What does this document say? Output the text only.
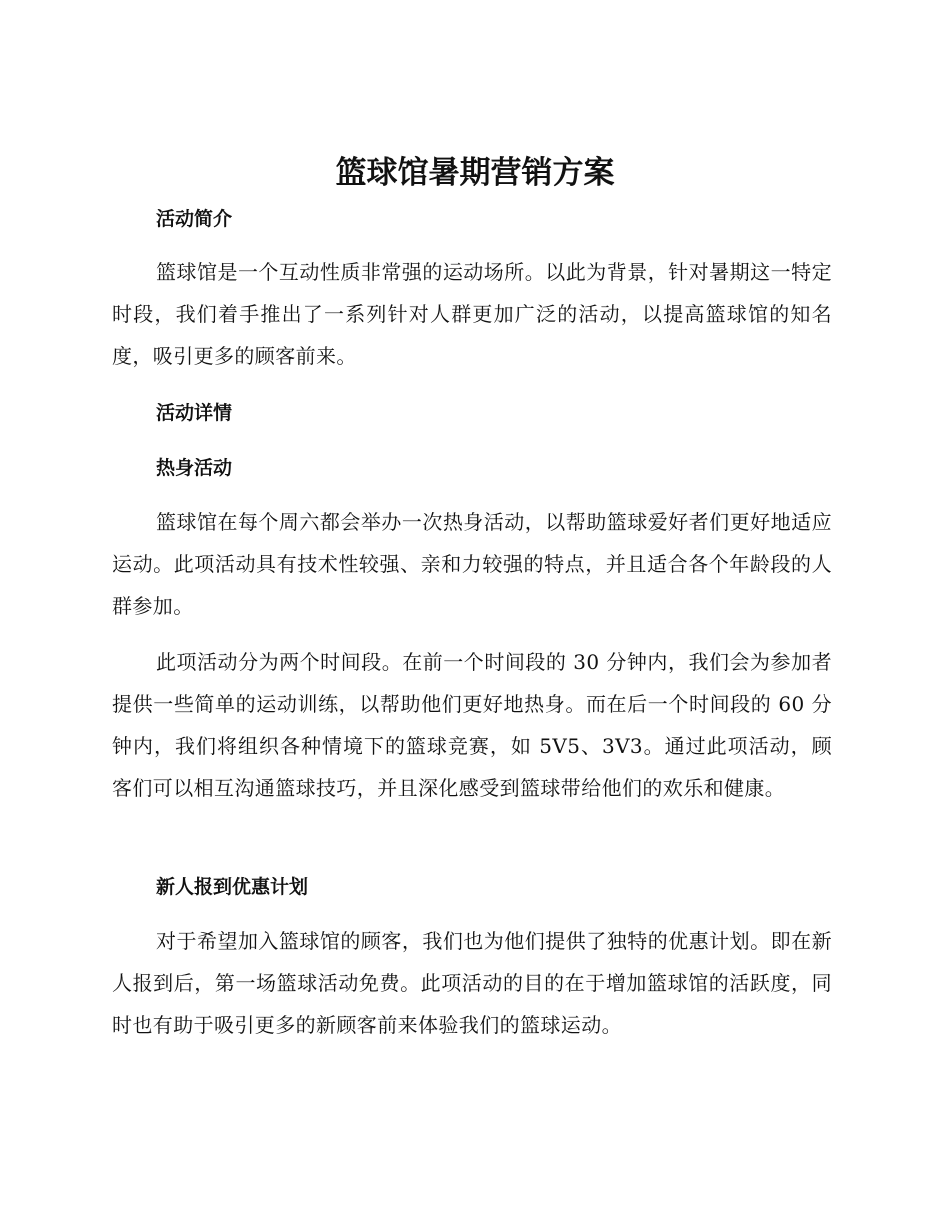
篮球馆暑期营销方案
活动简介

篮球馆是一个互动性质非常强的运动场所。以此为背景，针对暑期这一特定时段，我们着手推出了一系列针对人群更加广泛的活动，以提高篮球馆的知名度，吸引更多的顾客前来。

活动详情
热身活动

篮球馆在每个周六都会举办一次热身活动，以帮助篮球爱好者们更好地适应运动。此项活动具有技术性较强、亲和力较强的特点，并且适合各个年龄段的人群参加。

此项活动分为两个时间段。在前一个时间段的 30 分钟内，我们会为参加者提供一些简单的运动训练，以帮助他们更好地热身。而在后一个时间段的 60 分钟内，我们将组织各种情境下的篮球竞赛，如 5V5、3V3。通过此项活动，顾客们可以相互沟通篮球技巧，并且深化感受到篮球带给他们的欢乐和健康。

新人报到优惠计划

对于希望加入篮球馆的顾客，我们也为他们提供了独特的优惠计划。即在新人报到后，第一场篮球活动免费。此项活动的目的在于增加篮球馆的活跃度，同时也有助于吸引更多的新顾客前来体验我们的篮球运动。
